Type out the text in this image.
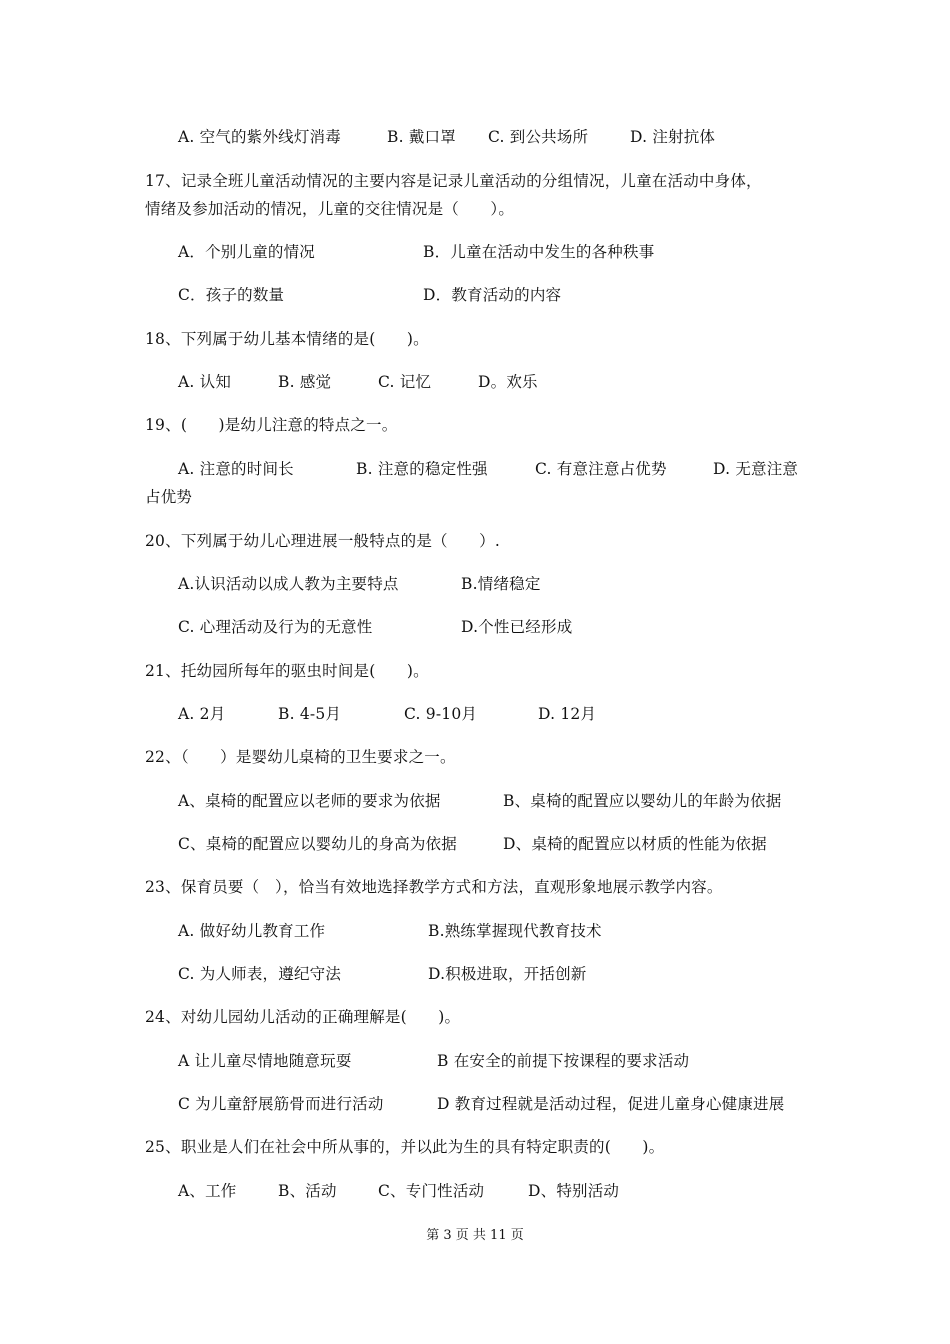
A. 空气的紫外线灯消毒	B. 戴口罩 C. 到公共场所	D. 注射抗体
17、记录全班儿童活动情况的主要内容是记录儿童活动的分组情况，儿童在活动中身体，
情绪及参加活动的情况，儿童的交往情况是（　　）。
A．个别儿童的情况	B．儿童在活动中发生的各种秩事
C．孩子的数量	D．教育活动的内容
18、下列属于幼儿基本情绪的是(　　)。
A. 认知	B. 感觉	C. 记忆	D。欢乐
19、(　　)是幼儿注意的特点之一。
A. 注意的时间长	B. 注意的稳定性强	C. 有意注意占优势	D. 无意注意
占优势
20、下列属于幼儿心理进展一般特点的是（　　）.
A.认识活动以成人教为主要特点	B.情绪稳定
C. 心理活动及行为的无意性	D.个性已经形成
21、托幼园所每年的驱虫时间是(　　)。
A. 2月	B. 4-5月	C. 9-10月	D. 12月
22、（　　）是婴幼儿桌椅的卫生要求之一。
A、桌椅的配置应以老师的要求为依据	B、桌椅的配置应以婴幼儿的年龄为依据
C、桌椅的配置应以婴幼儿的身高为依据	D、桌椅的配置应以材质的性能为依据
23、保育员要（　），恰当有效地选择教学方式和方法，直观形象地展示教学内容。
A. 做好幼儿教育工作	B.熟练掌握现代教育技术
C. 为人师表，遵纪守法	D.积极进取，开括创新
24、对幼儿园幼儿活动的正确理解是(　　)。
A 让儿童尽情地随意玩耍	B 在安全的前提下按课程的要求活动
C 为儿童舒展筋骨而进行活动	D 教育过程就是活动过程，促进儿童身心健康进展
25、职业是人们在社会中所从事的，并以此为生的具有特定职责的(　　)。
A、工作	B、活动	C、专门性活动	D、特别活动
第 3 页 共 11 页
